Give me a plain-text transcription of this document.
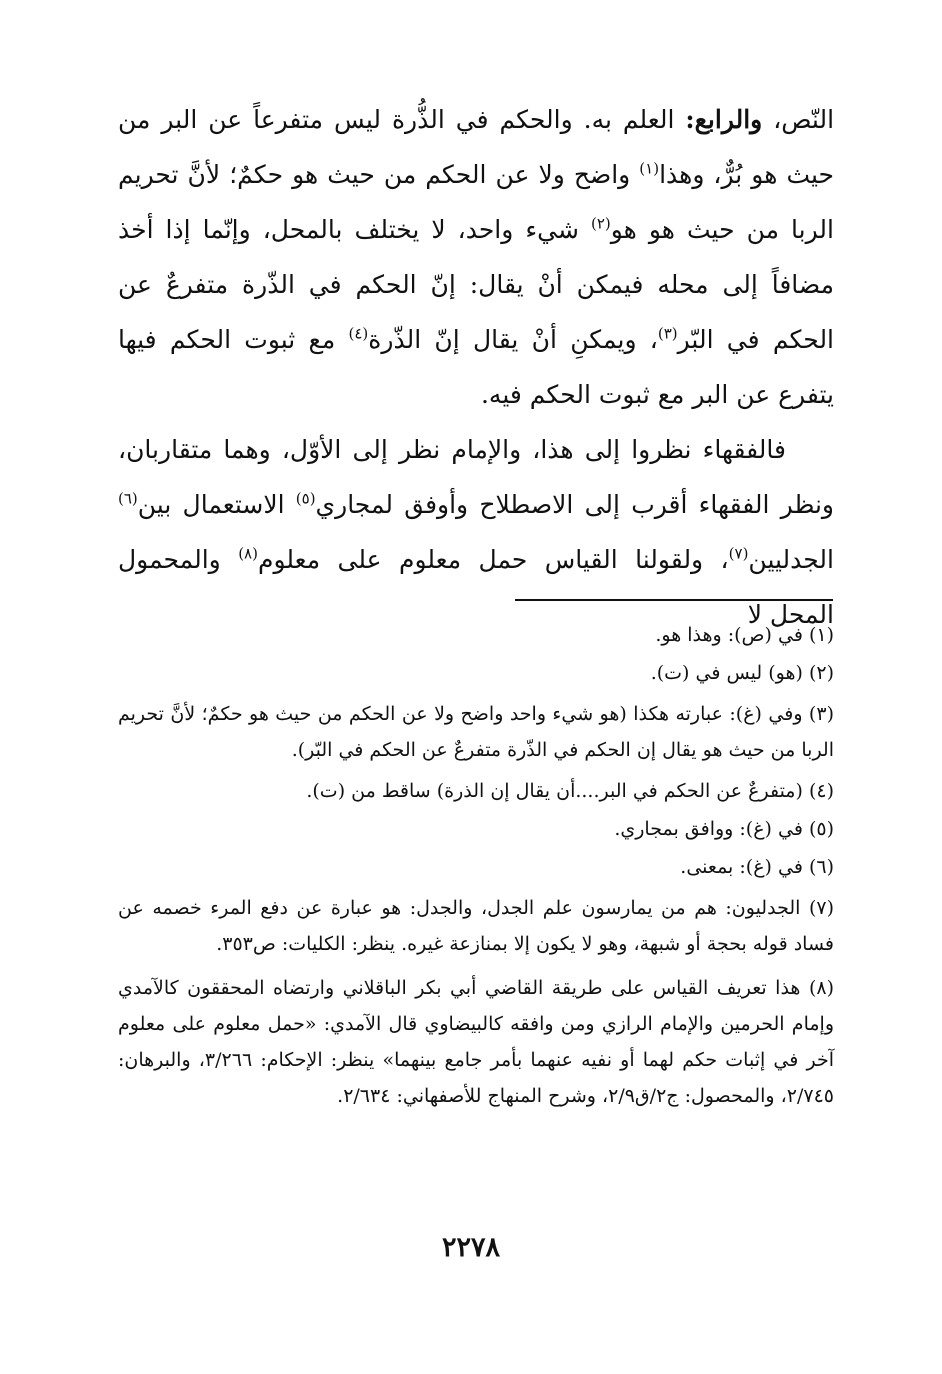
النّص، والرابع: العلم به. والحكم في الذُّرة ليس متفرعاً عن البر من حيث هو بُرٌّ، وهذا$^{(١)}$ واضح ولا عن الحكم من حيث هو حكمٌ؛ لأنَّ تحريم الربا من حيث هو هو$^{(٢)}$ شيء واحد، لا يختلف بالمحل، وإنّما إذا أخذ مضافاً إلى محله فيمكن أنْ يقال: إنّ الحكم في الذّرة متفرعٌ عن الحكم في البّر$^{(٣)}$، ويمكنِ أنْ يقال إنّ الذّرة$^{(٤)}$ مع ثبوت الحكم فيها يتفرع عن البر مع ثبوت الحكم فيه.

فالفقهاء نظروا إلى هذا، والإمام نظر إلى الأوّل، وهما متقاربان، ونظر الفقهاء أقرب إلى الاصطلاح وأوفق لمجاري$^{(٥)}$ الاستعمال بين$^{(٦)}$ الجدليين$^{(٧)}$، ولقولنا القياس حمل معلوم على معلوم$^{(٨)}$ والمحمول المحل لا

(١) في (ص): وهذا هو.

(٢) (هو) ليس في (ت).

(٣) وفي (غ): عبارته هكذا (هو شيء واحد واضح ولا عن الحكم من حيث هو حكمٌ؛ لأنَّ تحريم الربا من حيث هو يقال إن الحكم في الذّرة متفرعٌ عن الحكم في البّر).

(٤) (متفرعٌ عن الحكم في البر....أن يقال إن الذرة) ساقط من (ت).

(٥) في (غ): ووافق بمجاري.

(٦) في (غ): بمعنى.

(٧) الجدليون: هم من يمارسون علم الجدل، والجدل: هو عبارة عن دفع المرء خصمه عن فساد قوله بحجة أو شبهة، وهو لا يكون إلا بمنازعة غيره. ينظر: الكليات: ص٣٥٣.

(٨) هذا تعريف القياس على طريقة القاضي أبي بكر الباقلاني وارتضاه المحققون كالآمدي وإمام الحرمين والإمام الرازي ومن وافقه كالبيضاوي قال الآمدي: «حمل معلوم على معلوم آخر في إثبات حكم لهما أو نفيه عنهما بأمر جامع بينهما» ينظر: الإحكام: ٣/٢٦٦، والبرهان: ٢/٧٤٥، والمحصول: ج٢/ق٢/٩، وشرح المنهاج للأصفهاني: ٢/٦٣٤.

٢٢٧٨
